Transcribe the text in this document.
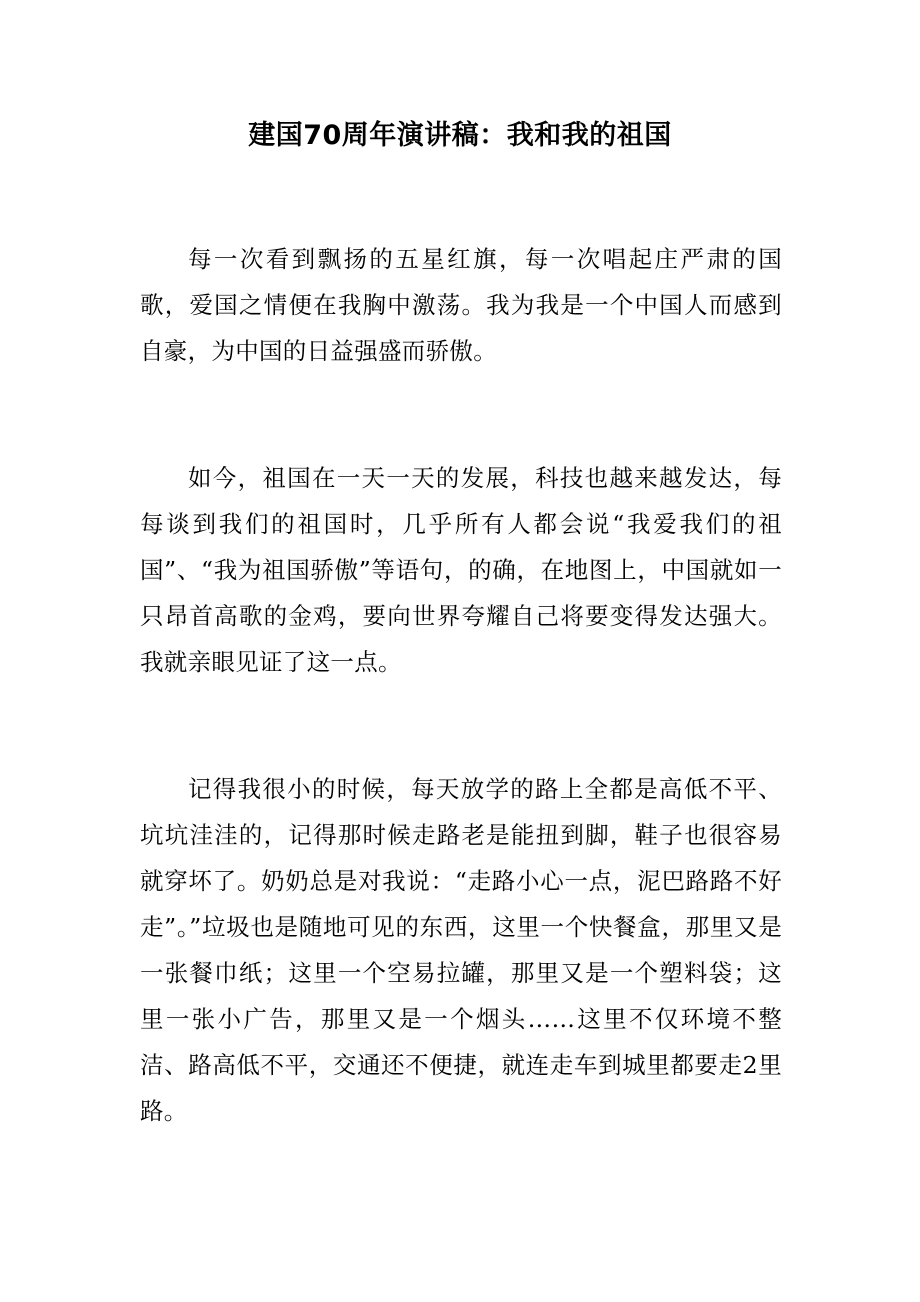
建国70周年演讲稿：我和我的祖国

每一次看到飘扬的五星红旗，每一次唱起庄严肃的国歌，爱国之情便在我胸中激荡。我为我是一个中国人而感到自豪，为中国的日益强盛而骄傲。

如今，祖国在一天一天的发展，科技也越来越发达，每每谈到我们的祖国时，几乎所有人都会说“我爱我们的祖国”、“我为祖国骄傲”等语句，的确，在地图上，中国就如一只昂首高歌的金鸡，要向世界夸耀自己将要变得发达强大。我就亲眼见证了这一点。

记得我很小的时候，每天放学的路上全都是高低不平、坑坑洼洼的，记得那时候走路老是能扭到脚，鞋子也很容易就穿坏了。奶奶总是对我说：“走路小心一点，泥巴路路不好走”。”垃圾也是随地可见的东西，这里一个快餐盒，那里又是一张餐巾纸；这里一个空易拉罐，那里又是一个塑料袋；这里一张小广告，那里又是一个烟头……这里不仅环境不整洁、路高低不平，交通还不便捷，就连走车到城里都要走2里路。
